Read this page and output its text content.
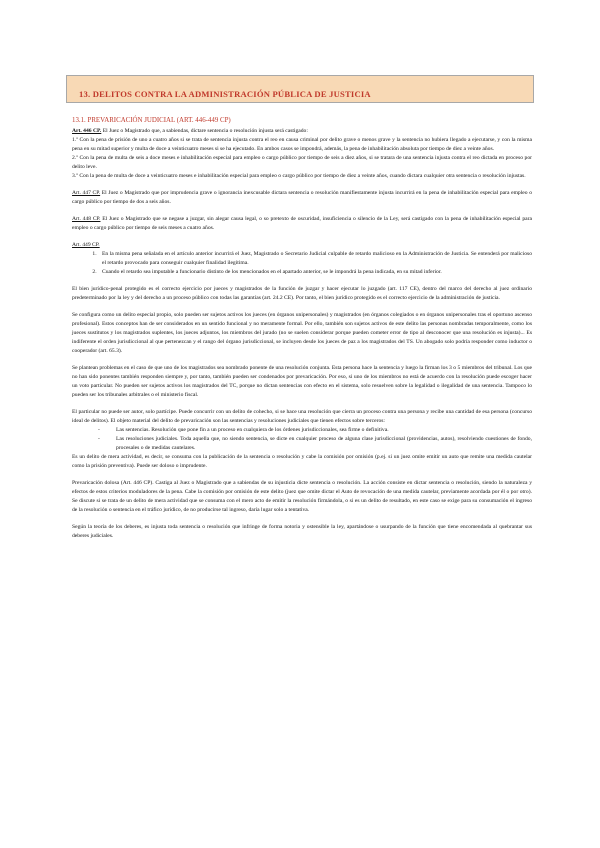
13. DELITOS CONTRA LA ADMINISTRACIÓN PÚBLICA DE JUSTICIA
13.1. PREVARICACIÓN JUDICIAL (ART. 446-449 CP)

Art. 446 CP. El Juez o Magistrado que, a sabiendas, dictare sentencia o resolución injusta será castigado:

1.º Con la pena de prisión de uno a cuatro años si se trata de sentencia injusta contra el reo en causa criminal por delito grave o menos grave y la sentencia no hubiera llegado a ejecutarse, y con la misma pena en su mitad superior y multa de doce a veinticuatro meses si se ha ejecutado. En ambos casos se impondrá, además, la pena de inhabilitación absoluta por tiempo de diez a veinte años.

2.º Con la pena de multa de seis a doce meses e inhabilitación especial para empleo o cargo público por tiempo de seis a diez años, si se tratara de una sentencia injusta contra el reo dictada en proceso por delito leve.

3.º Con la pena de multa de doce a veinticuatro meses e inhabilitación especial para empleo o cargo público por tiempo de diez a veinte años, cuando dictara cualquier otra sentencia o resolución injustas.

Art. 447 CP. El Juez o Magistrado que por imprudencia grave o ignorancia inexcusable dictara sentencia o resolución manifiestamente injusta incurrirá en la pena de inhabilitación especial para empleo o cargo público por tiempo de dos a seis años.

Art. 448 CP. El Juez o Magistrado que se negase a juzgar, sin alegar causa legal, o so pretexto de oscuridad, insuficiencia o silencio de la Ley, será castigado con la pena de inhabilitación especial para empleo o cargo público por tiempo de seis meses a cuatro años.

Art. 449 CP.

1. En la misma pena señalada en el artículo anterior incurrirá el Juez, Magistrado o Secretario Judicial culpable de retardo malicioso en la Administración de Justicia. Se entenderá por malicioso el retardo provocado para conseguir cualquier finalidad ilegítima.
2. Cuando el retardo sea imputable a funcionario distinto de los mencionados en el apartado anterior, se le impondrá la pena indicada, en su mitad inferior.

El bien jurídico-penal protegido es el correcto ejercicio por jueces y magistrados de la función de juzgar y hacer ejecutar lo juzgado (art. 117 CE), dentro del marco del derecho al juez ordinario predeterminado por la ley y del derecho a un proceso público con todas las garantías (art. 24.2 CE). Por tanto, el bien jurídico protegido es el correcto ejercicio de la administración de justicia.

Se configura como un delito especial propio, solo pueden ser sujetos activos los jueces (en órganos unipersonales) y magistrados (en órganos colegiados o en órganos unipersonales tras el oportuno ascenso profesional). Estos conceptos han de ser considerados en un sentido funcional y no meramente formal. Por ello, también son sujetos activos de este delito las personas nombradas temporalmente, como los jueces sustitutos y los magistrados suplentes, los jueces adjuntos, los miembros del jurado (no se suelen considerar porque pueden cometer error de tipo al desconocer que una resolución es injusta)... Es indiferente el orden jurisdiccional al que pertenezcan y el rango del órgano jurisdiccional, se incluyen desde los jueces de paz a los magistrados del TS. Un abogado solo podría responder como inductor o cooperador (art. 65.3).

Se plantean problemas en el caso de que uno de los magistrados sea nombrado ponente de una resolución conjunta. Esta persona hace la sentencia y luego la firman los 3 o 5 miembros del tribunal. Los que no han sido ponentes también responden siempre y, por tanto, también pueden ser condenados por prevaricación. Por eso, si uno de los miembros no está de acuerdo con la resolución puede escoger hacer un voto particular. No pueden ser sujetos activos los magistrados del TC, porque no dictan sentencias con efecto en el sistema, solo resuelven sobre la legalidad o ilegalidad de una sentencia. Tampoco lo pueden ser los tribunales arbitrales o el ministerio fiscal.

El particular no puede ser autor, solo partícipe. Puede concurrir con un delito de cohecho, si se hace una resolución que cierra un proceso contra una persona y recibe una cantidad de esa persona (concurso ideal de delitos). El objeto material del delito de prevaricación son las sentencias y resoluciones judiciales que tienen efectos sobre terceros:

- Las sentencias. Resolución que pone fin a un proceso en cualquiera de los órdenes jurisdiccionales, sea firme o definitiva.
- Las resoluciones judiciales. Toda aquella que, no siendo sentencia, se dicte en cualquier proceso de alguna clase jurisdiccional (providencias, autos), resolviendo cuestiones de fondo, procesales o de medidas cautelares.

Es un delito de mera actividad, es decir, se consuma con la publicación de la sentencia o resolución y cabe la comisión por omisión (p.ej. si un juez omite emitir un auto que remite una medida cautelar como la prisión preventiva). Puede ser doloso o imprudente.

Prevaricación dolosa (Art. 446 CP). Castiga al Juez o Magistrado que a sabiendas de su injusticia dicte sentencia o resolución. La acción consiste en dictar sentencia o resolución, siendo la naturaleza y efectos de estos criterios moduladores de la pena. Cabe la comisión por omisión de este delito (juez que omite dictar el Auto de revocación de una medida cautelar, previamente acordada por él o por otro). Se discute si se trata de un delito de mera actividad que se consuma con el mero acto de emitir la resolución firmándola, o si es un delito de resultado, en este caso se exige para su consumación el ingreso de la resolución o sentencia en el tráfico jurídico, de no producirse tal ingreso, daría lugar solo a tentativa.

Según la teoría de los deberes, es injusta toda sentencia o resolución que infringe de forma notoria y ostensible la ley, apartándose o usurpando de la función que tiene encomendada al quebrantar sus deberes judiciales.
